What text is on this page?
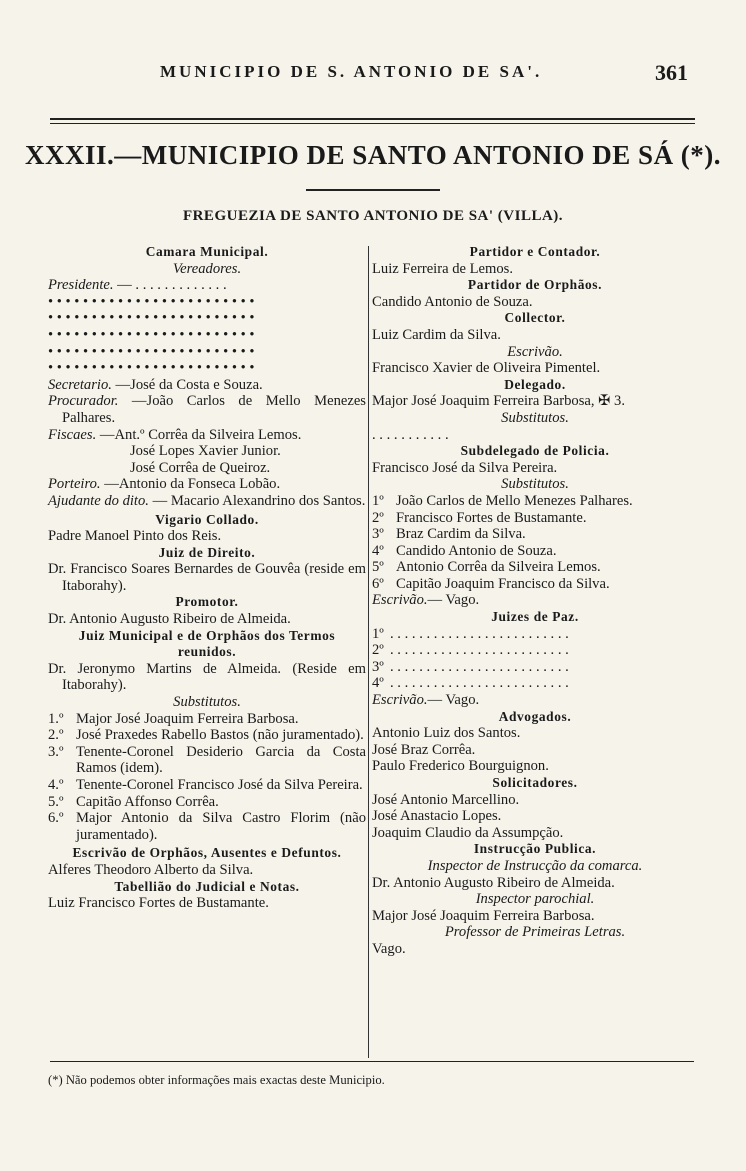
MUNICIPIO DE S. ANTONIO DE SA'.	361
XXXII.—MUNICIPIO DE SANTO ANTONIO DE SÁ (*).
FREGUEZIA DE SANTO ANTONIO DE SA' (VILLA).
Camara Municipal.
Vereadores.
Presidente. — . . . . . . . . . . . . .
• • • • • • • • • • • • • • • • • • • • • • • •
• • • • • • • • • • • • • • • • • • • • • • • •
• • • • • • • • • • • • • • • • • • • • • • • •
• • • • • • • • • • • • • • • • • • • • • • • •
• • • • • • • • • • • • • • • • • • • • • • • •
Secretario. —José da Costa e Souza.
Procurador. —João Carlos de Mello Menezes Palhares.
Fiscaes. —Ant.º Corrêa da Silveira Lemos.
José Lopes Xavier Junior.
José Corrêa de Queiroz.
Porteiro. —Antonio da Fonseca Lobão.
Ajudante do dito. — Macario Alexandrino dos Santos.
Vigario Collado.
Padre Manoel Pinto dos Reis.
Juiz de Direito.
Dr. Francisco Soares Bernardes de Gouvêa (reside em Itaborahy).
Promotor.
Dr. Antonio Augusto Ribeiro de Almeida.
Juiz Municipal e de Orphãos dos Termos
reunidos.
Dr. Jeronymo Martins de Almeida. (Reside em Itaborahy).
Substitutos.
1.º Major José Joaquim Ferreira Barbosa.
2.º José Praxedes Rabello Bastos (não juramentado).
3.º Tenente-Coronel Desiderio Garcia da Costa Ramos (idem).
4.º Tenente-Coronel Francisco José da Silva Pereira.
5.º Capitão Affonso Corrêa.
6.º Major Antonio da Silva Castro Florim (não juramentado).
Escrivão de Orphãos, Ausentes e Defuntos.
Alferes Theodoro Alberto da Silva.
Tabellião do Judicial e Notas.
Luiz Francisco Fortes de Bustamante.
Partidor e Contador.
Luiz Ferreira de Lemos.
Partidor de Orphãos.
Candido Antonio de Souza.
Collector.
Luiz Cardim da Silva.
Escrivão.
Francisco Xavier de Oliveira Pimentel.
Delegado.
Major José Joaquim Ferreira Barbosa, ✠ 3.
Substitutos.
. . . . . . . . . . .
Subdelegado de Policia.
Francisco José da Silva Pereira.
Substitutos.
1º João Carlos de Mello Menezes Palhares.
2º Francisco Fortes de Bustamante.
3º Braz Cardim da Silva.
4º Candido Antonio de Souza.
5º Antonio Corrêa da Silveira Lemos.
6º Capitão Joaquim Francisco da Silva.
Escrivão.— Vago.
Juizes de Paz.
1º . . . . . . . . . . . . . . . . . . . . . . . . .
2º . . . . . . . . . . . . . . . . . . . . . . . . .
3º . . . . . . . . . . . . . . . . . . . . . . . . .
4º . . . . . . . . . . . . . . . . . . . . . . . . .
Escrivão.— Vago.
Advogados.
Antonio Luiz dos Santos.
José Braz Corrêa.
Paulo Frederico Bourguignon.
Solicitadores.
José Antonio Marcellino.
José Anastacio Lopes.
Joaquim Claudio da Assumpção.
Instrucção Publica.
Inspector de Instrucção da comarca.
Dr. Antonio Augusto Ribeiro de Almeida.
Inspector parochial.
Major José Joaquim Ferreira Barbosa.
Professor de Primeiras Letras.
Vago.
(*) Não podemos obter informações mais exactas deste Municipio.
